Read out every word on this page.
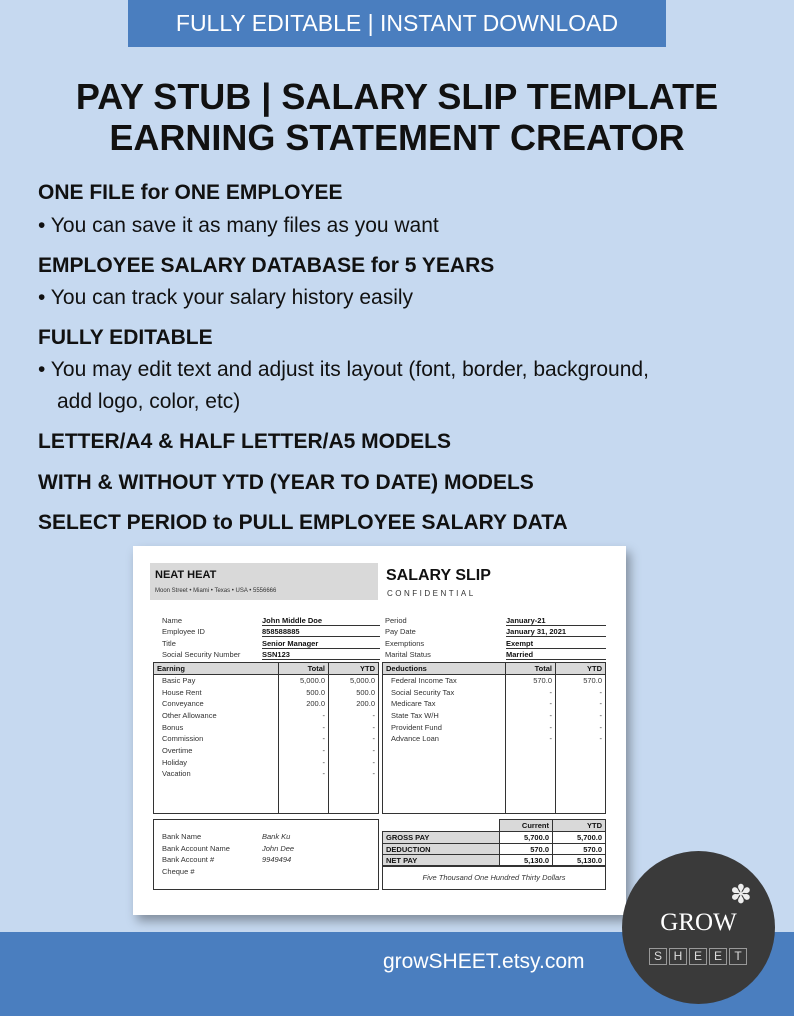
FULLY EDITABLE | INSTANT DOWNLOAD
PAY STUB | SALARY SLIP TEMPLATE
EARNING STATEMENT CREATOR
ONE FILE for ONE EMPLOYEE
• You can save it as many files as you want
EMPLOYEE SALARY DATABASE for 5 YEARS
• You can track your salary history easily
FULLY EDITABLE
• You may edit text and adjust its layout (font, border, background,
add logo, color, etc)
LETTER/A4 & HALF LETTER/A5 MODELS
WITH & WITHOUT YTD (YEAR TO DATE) MODELS
SELECT PERIOD to PULL EMPLOYEE SALARY DATA
NEAT HEAT
Moon Street • Miami • Texas • USA • 5556666
SALARY SLIP
CONFIDENTIAL
Earning	Total	YTD
Basic Pay	5,000.0	5,000.0
House Rent	500.0	500.0
Conveyance	200.0	200.0
Other Allowance	-	-
Bonus	-	-
Commission	-	-
Overtime	-	-
Holiday	-	-
Vacation	-	-

Deductions	Total	YTD
Federal Income Tax	570.0	570.0
Social Security Tax	-	-
Medicare Tax	-	-
State Tax W/H	-	-
Provident Fund	-	-
Advance Loan	-	-

Bank Name	Bank Ku
Bank Account Name	John Dee
Bank Account #	9949494
Cheque #
	Current	YTD
GROSS PAY	5,700.0	5,700.0
DEDUCTION	570.0	570.0
NET PAY	5,130.0	5,130.0
Five Thousand One Hundred Thirty Dollars
Name	John Middle Doe
Employee ID	858588885
Title	Senior Manager
Social Security Number	SSN123
Period	January-21
Pay Date	January 31, 2021
Exemptions	Exempt
Marital Status	Married
growSHEET.etsy.com
✽
GROW
S H E E T
